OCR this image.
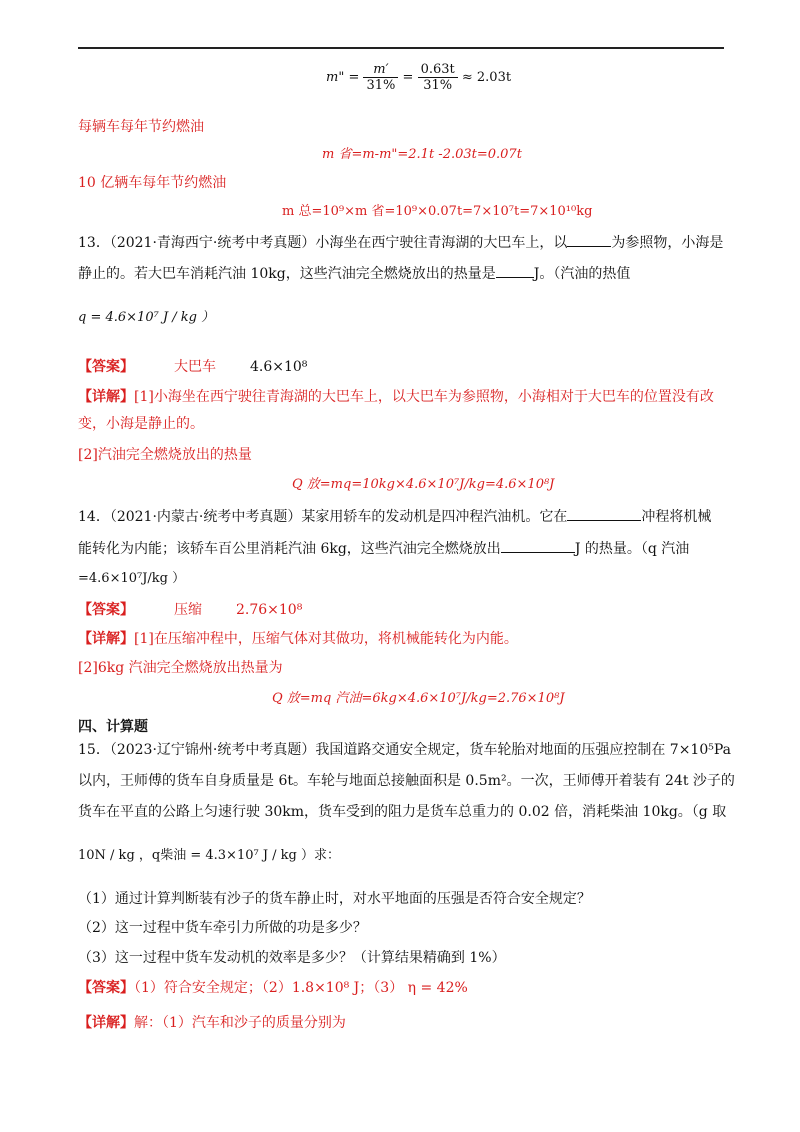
m" = $\frac{m'}{31\%} = \frac{0.63t}{31\%} \approx 2.03t$
每辆车每年节约燃油
m 省=m-m"=2.1t -2.03t=0.07t
10 亿辆车每年节约燃油
m 总=10⁹×m 省=10⁹×0.07t=7×10⁷t=7×10¹⁰kg
13．（2021·青海西宁·统考中考真题）小海坐在西宁驶往青海湖的大巴车上，以	为参照物，小海是
静止的。若大巴车消耗汽油 10kg，这些汽油完全燃烧放出的热量是	J。（汽油的热值
q = 4.6×10⁷ J / kg ）
【答案】	大巴车 4.6×10⁸
【详解】[1]小海坐在西宁驶往青海湖的大巴车上，以大巴车为参照物，小海相对于大巴车的位置没有改
变，小海是静止的。
[2]汽油完全燃烧放出的热量
Q 放=mq=10kg×4.6×10⁷J/kg=4.6×10⁸J
14．（2021·内蒙古·统考中考真题）某家用轿车的发动机是四冲程汽油机。它在	冲程将机械
能转化为内能；该轿车百公里消耗汽油 6kg，这些汽油完全燃烧放出	J 的热量。（q 汽油
=4.6×10⁷J/kg ）
【答案】	压缩 2.76×10⁸
【详解】[1]在压缩冲程中，压缩气体对其做功，将机械能转化为内能。
[2]6kg 汽油完全燃烧放出热量为
Q 放=mq 汽油=6kg×4.6×10⁷J/kg=2.76×10⁸J
四、计算题
15．（2023·辽宁锦州·统考中考真题）我国道路交通安全规定，货车轮胎对地面的压强应控制在 7×10⁵Pa
以内，王师傅的货车自身质量是 6t。车轮与地面总接触面积是 0.5m²。一次，王师傅开着装有 24t 沙子的
货车在平直的公路上匀速行驶 30km，货车受到的阻力是货车总重力的 0.02 倍，消耗柴油 10kg。（g 取
10N / kg ，q柴油 = 4.3×10⁷ J / kg ）求：
（1）通过计算判断装有沙子的货车静止时，对水平地面的压强是否符合安全规定？
（2）这一过程中货车牵引力所做的功是多少？
（3）这一过程中货车发动机的效率是多少？（计算结果精确到 1%）
【答案】（1）符合安全规定；（2）1.8×10⁸ J；（3） η = 42%
【详解】解：（1）汽车和沙子的质量分别为
